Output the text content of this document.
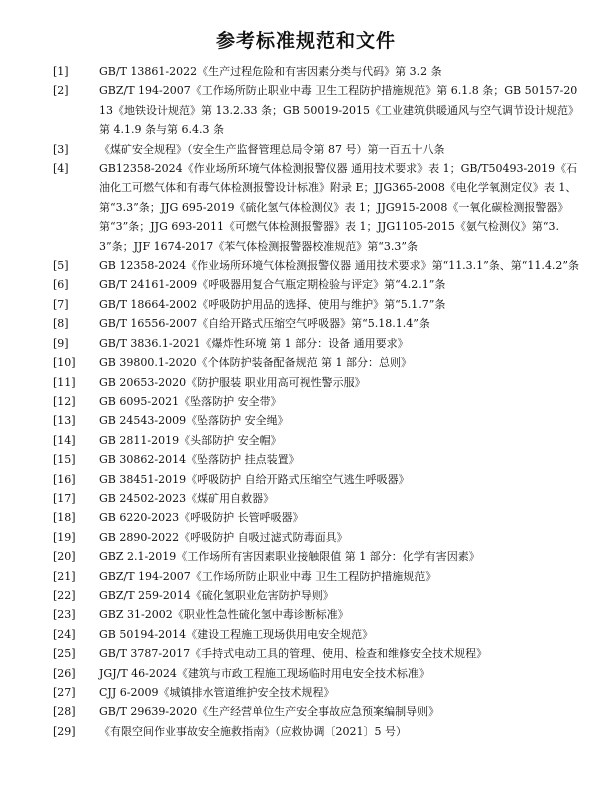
参考标准规范和文件
[1]	GB/T 13861-2022《生产过程危险和有害因素分类与代码》第 3.2 条
[2]	GBZ/T 194-2007《工作场所防止职业中毒 卫生工程防护措施规范》第 6.1.8 条；GB 50157-2013《地铁设计规范》第 13.2.33 条；GB 50019-2015《工业建筑供暖通风与空气调节设计规范》第 4.1.9 条与第 6.4.3 条
[3]	《煤矿安全规程》（安全生产监督管理总局令第 87 号）第一百五十八条
[4]	GB12358-2024《作业场所环境气体检测报警仪器 通用技术要求》表 1；GB/T50493-2019《石油化工可燃气体和有毒气体检测报警设计标准》附录 E；JJG365-2008《电化学氧测定仪》表 1、第“3.3”条；JJG 695-2019《硫化氢气体检测仪》表 1；JJG915-2008《一氧化碳检测报警器》第“3”条；JJG 693-2011《可燃气体检测报警器》表 1；JJG1105-2015《氨气检测仪》第“3.3”条；JJF 1674-2017《苯气体检测报警器校准规范》第“3.3”条
[5]	GB 12358-2024《作业场所环境气体检测报警仪器 通用技术要求》第“11.3.1”条、第“11.4.2”条
[6]	GB/T 24161-2009《呼吸器用复合气瓶定期检验与评定》第“4.2.1”条
[7]	GB/T 18664-2002《呼吸防护用品的选择、使用与维护》第“5.1.7”条
[8]	GB/T 16556-2007《自给开路式压缩空气呼吸器》第“5.18.1.4”条
[9]	GB/T 3836.1-2021《爆炸性环境 第 1 部分：设备 通用要求》
[10]	GB 39800.1-2020《个体防护装备配备规范 第 1 部分：总则》
[11]	GB 20653-2020《防护服装 职业用高可视性警示服》
[12]	GB 6095-2021《坠落防护 安全带》
[13]	GB 24543-2009《坠落防护 安全绳》
[14]	GB 2811-2019《头部防护 安全帽》
[15]	GB 30862-2014《坠落防护 挂点装置》
[16]	GB 38451-2019《呼吸防护 自给开路式压缩空气逃生呼吸器》
[17]	GB 24502-2023《煤矿用自救器》
[18]	GB 6220-2023《呼吸防护 长管呼吸器》
[19]	GB 2890-2022《呼吸防护 自吸过滤式防毒面具》
[20]	GBZ 2.1-2019《工作场所有害因素职业接触限值 第 1 部分：化学有害因素》
[21]	GBZ/T 194-2007《工作场所防止职业中毒 卫生工程防护措施规范》
[22]	GBZ/T 259-2014《硫化氢职业危害防护导则》
[23]	GBZ 31-2002《职业性急性硫化氢中毒诊断标准》
[24]	GB 50194-2014《建设工程施工现场供用电安全规范》
[25]	GB/T 3787-2017《手持式电动工具的管理、使用、检查和维修安全技术规程》
[26]	JGJ/T 46-2024《建筑与市政工程施工现场临时用电安全技术标准》
[27]	CJJ 6-2009《城镇排水管道维护安全技术规程》
[28]	GB/T 29639-2020《生产经营单位生产安全事故应急预案编制导则》
[29]	《有限空间作业事故安全施救指南》（应救协调〔2021〕5 号）
